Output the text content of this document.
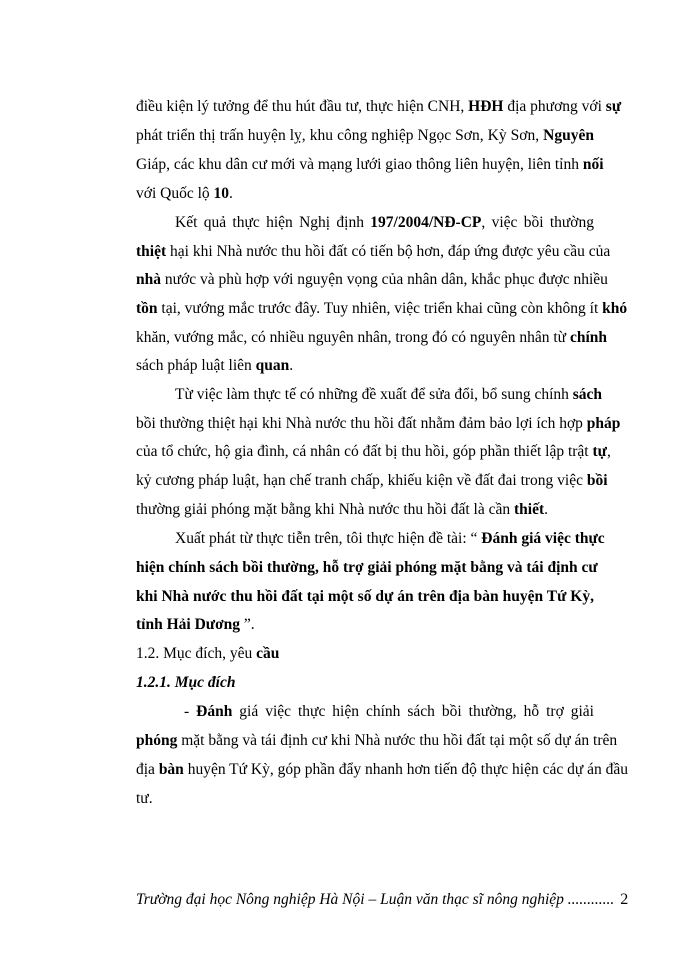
điều kiện lý tưởng để thu hút đầu tư, thực hiện CNH, HĐH địa phương với sự
phát triển thị trấn huyện lỵ, khu công nghiệp Ngọc Sơn, Kỳ Sơn, Nguyên
Giáp, các khu dân cư mới và mạng lưới giao thông liên huyện, liên tỉnh nối
với Quốc lộ 10.
Kết quả thực hiện Nghị định 197/2004/NĐ-CP, việc bồi thường
thiệt hại khi Nhà nước thu hồi đất có tiến bộ hơn, đáp ứng được yêu cầu của
nhà nước và phù hợp với nguyện vọng của nhân dân, khắc phục được nhiều
tồn tại, vướng mắc trước đây. Tuy nhiên, việc triển khai cũng còn không ít khó
khăn, vướng mắc, có nhiều nguyên nhân, trong đó có nguyên nhân từ chính
sách pháp luật liên quan.
Từ việc làm thực tế có những đề xuất để sửa đổi, bổ sung chính sách
bồi thường thiệt hại khi Nhà nước thu hồi đất nhằm đảm bảo lợi ích hợp pháp
của tổ chức, hộ gia đình, cá nhân có đất bị thu hồi, góp phần thiết lập trật tự,
kỷ cương pháp luật, hạn chế tranh chấp, khiếu kiện về đất đai trong việc bồi
thường giải phóng mặt bằng khi Nhà nước thu hồi đất là cần thiết.
Xuất phát từ thực tiễn trên, tôi thực hiện đề tài: “ Đánh giá việc thực
hiện chính sách bồi thường, hỗ trợ giải phóng mặt bằng và tái định cư
khi Nhà nước thu hồi đất tại một số dự án trên địa bàn huyện Tứ Kỳ,
tỉnh Hải Dương ”.
1.2. Mục đích, yêu cầu
1.2.1. Mục đích
- Đánh giá việc thực hiện chính sách bồi thường, hỗ trợ giải
phóng mặt bằng và tái định cư khi Nhà nước thu hồi đất tại một số dự án trên
địa bàn huyện Tứ Kỳ, góp phần đẩy nhanh hơn tiến độ thực hiện các dự án đầu
tư.
Trường đại học Nông nghiệp Hà Nội – Luận văn thạc sĩ nông nghiệp ............ 2
